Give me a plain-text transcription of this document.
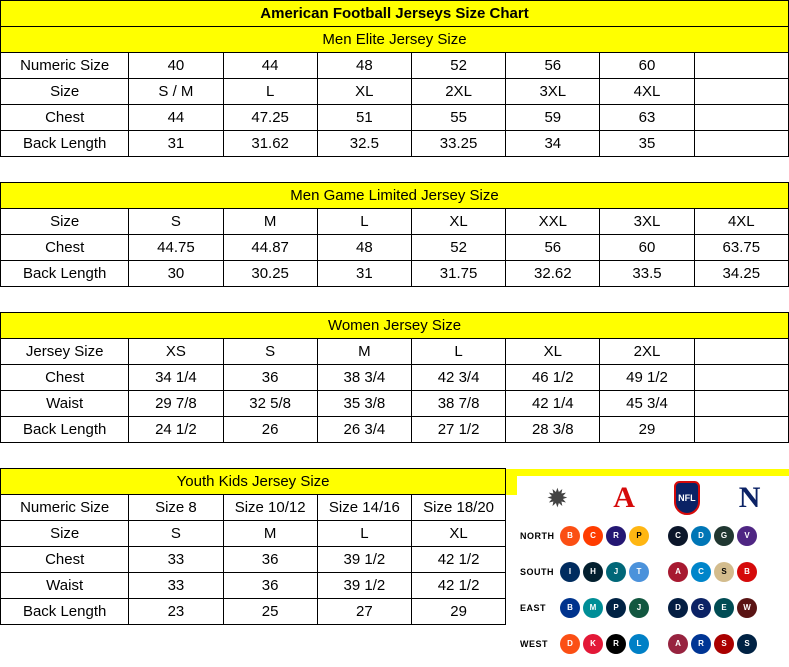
American Football Jerseys Size Chart							
Men Elite Jersey Size							
Numeric Size	40	44	48	52	56	60	
Size	S / M	L	XL	2XL	3XL	4XL	
Chest	44	47.25	51	55	59	63	
Back Length	31	31.62	32.5	33.25	34	35	

Men Game Limited Jersey Size							
Size	S	M	L	XL	XXL	3XL	4XL
Chest	44.75	44.87	48	52	56	60	63.75
Back Length	30	30.25	31	31.75	32.62	33.5	34.25

Women Jersey Size							
Jersey Size	XS	S	M	L	XL	2XL	
Chest	34 1/4	36	38 3/4	42 3/4	46 1/2	49 1/2	
Waist	29 7/8	32 5/8	35 3/8	38 7/8	42 1/4	45 3/4	
Back Length	24 1/2	26	26 3/4	27 1/2	28 3/8	29	

Youth Kids Jersey Size							
Numeric Size	Size 8	Size 10/12	Size 14/16	Size 18/20			
Size	S	M	L	XL			
Chest	33	36	39 1/2	42 1/2			
Waist	33	36	39 1/2	42 1/2			
Back Length	23	25	27	29			
✹ A	NFL N
NORTH	B	C	R	P	C	D	G	V
SOUTH	I	H	J	T	A	C	S	B
EAST	B	M	P	J	D	G	E	W
WEST	D	K	R	L	A	R	S	S
